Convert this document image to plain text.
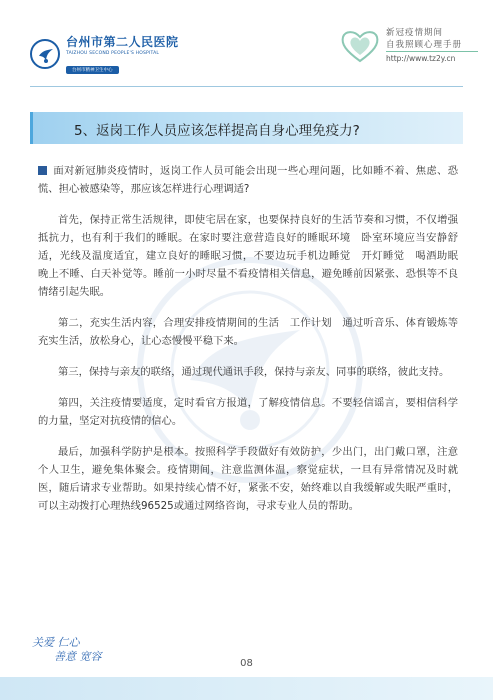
台州市第二人民医院
TAIZHOU SECOND PEOPLE'S HOSPITAL
台州市精神卫生中心
新冠疫情期间
自我照顾心理手册
http://www.tz2y.cn
5、返岗工作人员应该怎样提高自身心理免疫力?

面对新冠肺炎疫情时，返岗工作人员可能会出现一些心理问题，比如睡不着、焦虑、恐慌、担心被感染等，那应该怎样进行心理调适?

首先，保持正常生活规律，即使宅居在家，也要保持良好的生活节奏和习惯，不仅增强抵抗力，也有利于我们的睡眠。在家时要注意营造良好的睡眠环境　卧室环境应当安静舒适，光线及温度适宜，建立良好的睡眠习惯，不要边玩手机边睡觉　开灯睡觉　喝酒助眠　晚上不睡、白天补觉等。睡前一小时尽量不看疫情相关信息，避免睡前因紧张、恐惧等不良情绪引起失眠。

第二，充实生活内容，合理安排疫情期间的生活　工作计划　通过听音乐、体育锻炼等充实生活，放松身心，让心态慢慢平稳下来。

第三，保持与亲友的联络，通过现代通讯手段，保持与亲友、同事的联络，彼此支持。

第四，关注疫情要适度，定时看官方报道，了解疫情信息。不要轻信谣言，要相信科学的力量，坚定对抗疫情的信心。

最后，加强科学防护是根本。按照科学手段做好有效防护，少出门，出门戴口罩，注意个人卫生，避免集体聚会。疫情期间，注意监测体温，察觉症状，一旦有异常情况及时就医，随后请求专业帮助。如果持续心情不好，紧张不安，始终难以自我缓解或失眠严重时，可以主动拨打心理热线96525或通过网络咨询，寻求专业人员的帮助。

关爱 仁心
善意 宽容
08
